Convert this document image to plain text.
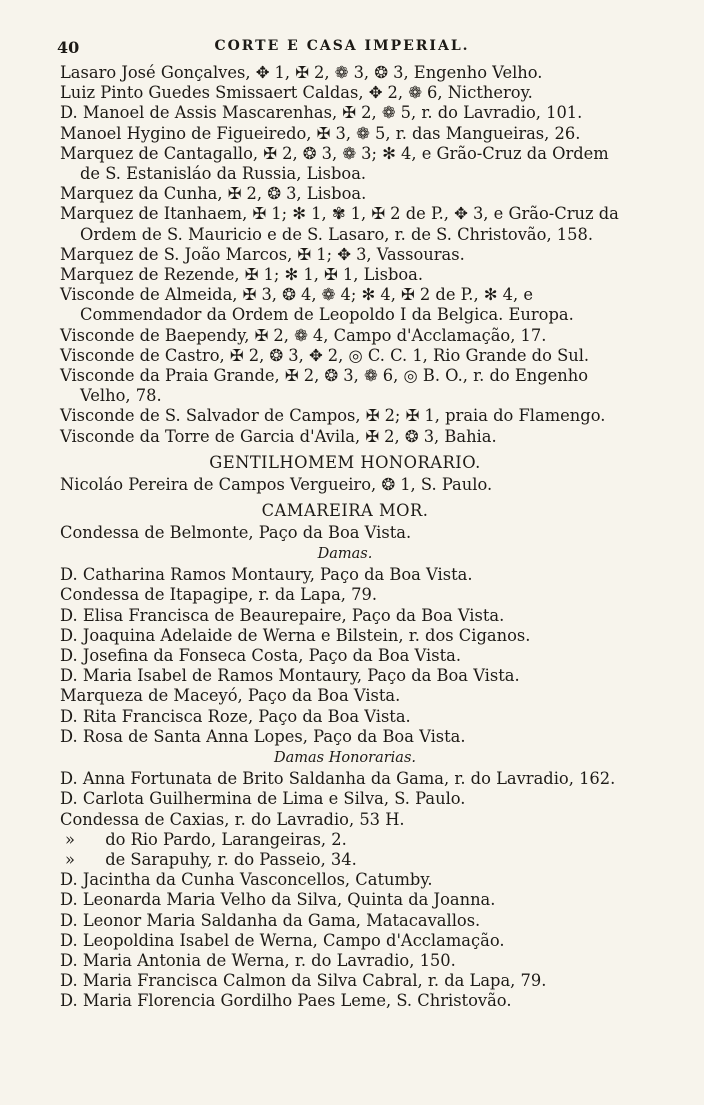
40	CORTE E CASA IMPERIAL.
Lasaro José Gonçalves, ✥ 1, ✠ 2, ❁ 3, ❂ 3, Engenho Velho.
Luiz Pinto Guedes Smissaert Caldas, ✥ 2, ❁ 6, Nictheroy.
D. Manoel de Assis Mascarenhas, ✠ 2, ❁ 5, r. do Lavradio, 101.
Manoel Hygino de Figueiredo, ✠ 3, ❁ 5, r. das Mangueiras, 26.
Marquez de Cantagallo, ✠ 2, ❂ 3, ❁ 3; ✻ 4, e Grão-Cruz da Ordem de S. Estanisláo da Russia, Lisboa.
Marquez da Cunha, ✠ 2, ❂ 3, Lisboa.
Marquez de Itanhaem, ✠ 1; ✻ 1, ✾ 1, ✠ 2 de P., ✥ 3, e Grão-Cruz da Ordem de S. Mauricio e de S. Lasaro, r. de S. Christovão, 158.
Marquez de S. João Marcos, ✠ 1; ✥ 3, Vassouras.
Marquez de Rezende, ✠ 1; ✻ 1, ✠ 1, Lisboa.
Visconde de Almeida, ✠ 3, ❂ 4, ❁ 4; ✻ 4, ✠ 2 de P., ✻ 4, e Commendador da Ordem de Leopoldo I da Belgica. Europa.
Visconde de Baependy, ✠ 2, ❁ 4, Campo d'Acclamação, 17.
Visconde de Castro, ✠ 2, ❂ 3, ✥ 2, ◎ C. C. 1, Rio Grande do Sul.
Visconde da Praia Grande, ✠ 2, ❂ 3, ❁ 6, ◎ B. O., r. do Engenho Velho, 78.
Visconde de S. Salvador de Campos, ✠ 2; ✠ 1, praia do Flamengo.
Visconde da Torre de Garcia d'Avila, ✠ 2, ❂ 3, Bahia.
GENTILHOMEM HONORARIO.
Nicoláo Pereira de Campos Vergueiro, ❂ 1, S. Paulo.
CAMAREIRA MOR.
Condessa de Belmonte, Paço da Boa Vista.
Damas.
D. Catharina Ramos Montaury, Paço da Boa Vista.
Condessa de Itapagipe, r. da Lapa, 79.
D. Elisa Francisca de Beaurepaire, Paço da Boa Vista.
D. Joaquina Adelaide de Werna e Bilstein, r. dos Ciganos.
D. Josefina da Fonseca Costa, Paço da Boa Vista.
D. Maria Isabel de Ramos Montaury, Paço da Boa Vista.
Marqueza de Maceyó, Paço da Boa Vista.
D. Rita Francisca Roze, Paço da Boa Vista.
D. Rosa de Santa Anna Lopes, Paço da Boa Vista.
Damas Honorarias.
D. Anna Fortunata de Brito Saldanha da Gama, r. do Lavradio, 162.
D. Carlota Guilhermina de Lima e Silva, S. Paulo.
Condessa de Caxias, r. do Lavradio, 53 H.
» do Rio Pardo, Larangeiras, 2.
» de Sarapuhy, r. do Passeio, 34.
D. Jacintha da Cunha Vasconcellos, Catumby.
D. Leonarda Maria Velho da Silva, Quinta da Joanna.
D. Leonor Maria Saldanha da Gama, Matacavallos.
D. Leopoldina Isabel de Werna, Campo d'Acclamação.
D. Maria Antonia de Werna, r. do Lavradio, 150.
D. Maria Francisca Calmon da Silva Cabral, r. da Lapa, 79.
D. Maria Florencia Gordilho Paes Leme, S. Christovão.
